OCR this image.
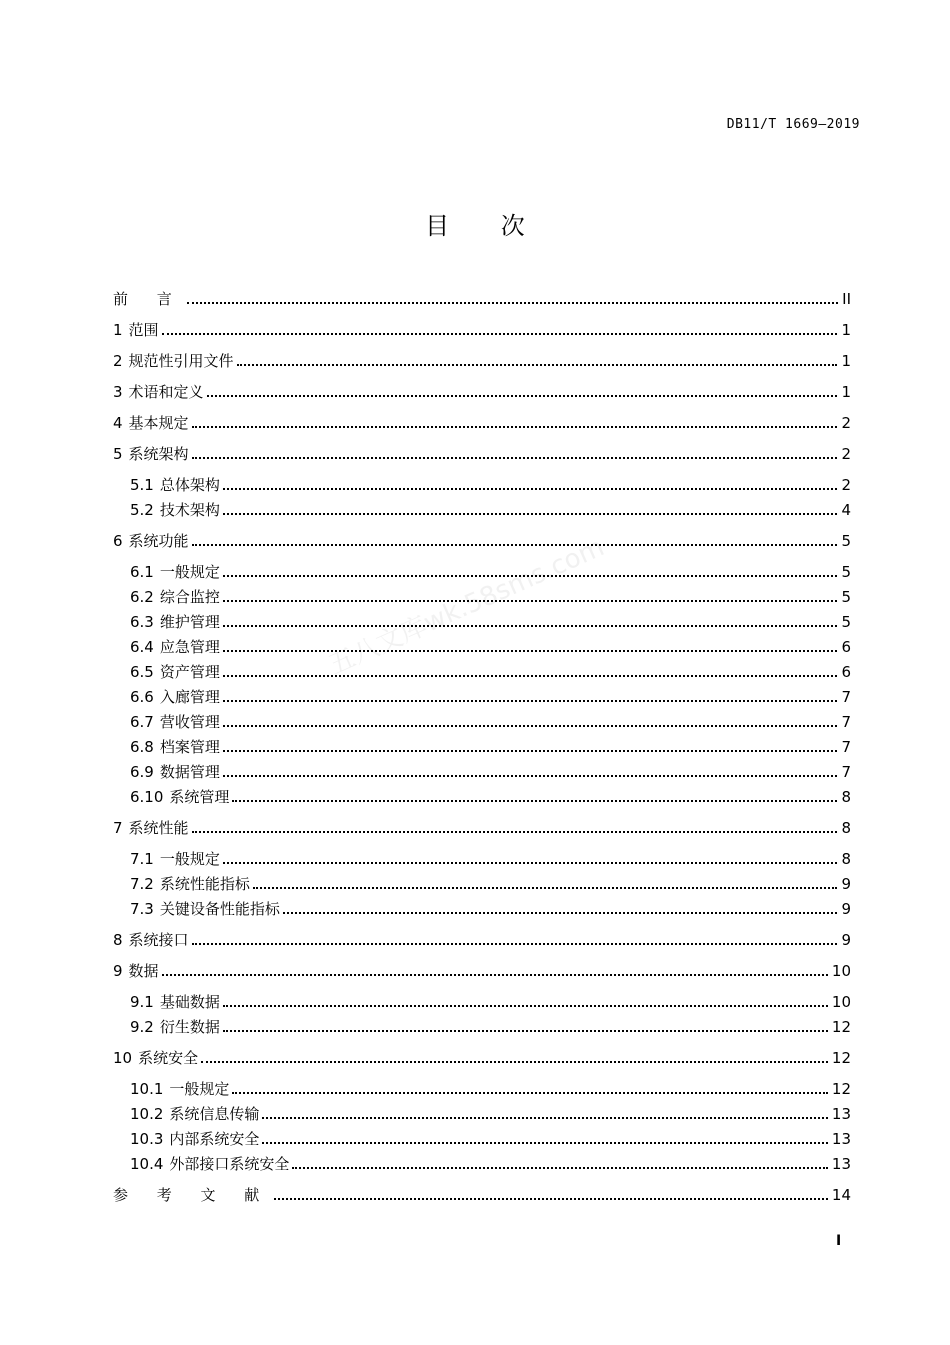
DB11/T 1669—2019
目 次
五八文库wk.58sms.com
前 言	II
1 范围	1
2 规范性引用文件	1
3 术语和定义	1
4 基本规定	2
5 系统架构	2
5.1 总体架构	2
5.2 技术架构	4
6 系统功能	5
6.1 一般规定	5
6.2 综合监控	5
6.3 维护管理	5
6.4 应急管理	6
6.5 资产管理	6
6.6 入廊管理	7
6.7 营收管理	7
6.8 档案管理	7
6.9 数据管理	7
6.10 系统管理	8
7 系统性能	8
7.1 一般规定	8
7.2 系统性能指标	9
7.3 关键设备性能指标	9
8 系统接口	9
9 数据	10
9.1 基础数据	10
9.2 衍生数据	12
10 系统安全	12
10.1 一般规定	12
10.2 系统信息传输	13
10.3 内部系统安全	13
10.4 外部接口系统安全	13
参 考 文 献	14
I
